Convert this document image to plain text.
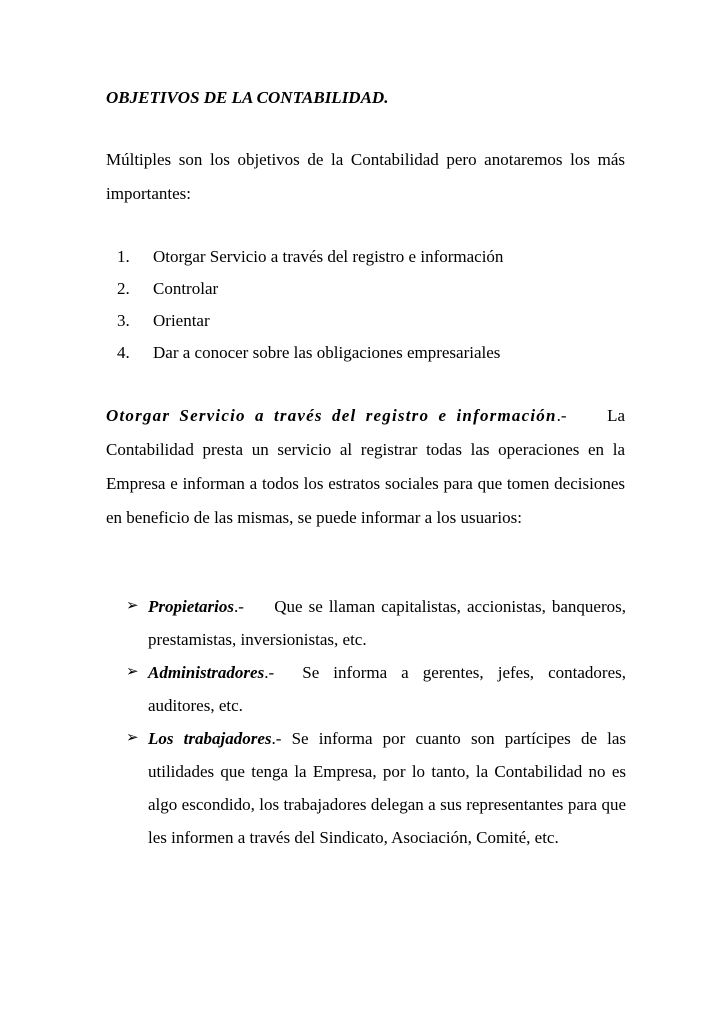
OBJETIVOS DE LA CONTABILIDAD.

Múltiples son los objetivos de la Contabilidad pero anotaremos los más importantes:

1.	Otorgar Servicio a través del registro e información
2.	Controlar
3.	Orientar
4.	Dar a conocer sobre las obligaciones empresariales

Otorgar Servicio a través del registro e información.- La Contabilidad presta un servicio al registrar todas las operaciones en la Empresa e informan a todos los estratos sociales para que tomen decisiones en beneficio de las mismas, se puede informar a los usuarios:

➢ Propietarios.- Que se llaman capitalistas, accionistas, banqueros, prestamistas, inversionistas, etc.
➢ Administradores.- Se informa a gerentes, jefes, contadores, auditores, etc.
➢ Los trabajadores.- Se informa por cuanto son partícipes de las utilidades que tenga la Empresa, por lo tanto, la Contabilidad no es algo escondido, los trabajadores delegan a sus representantes para que les informen a través del Sindicato, Asociación, Comité, etc.
